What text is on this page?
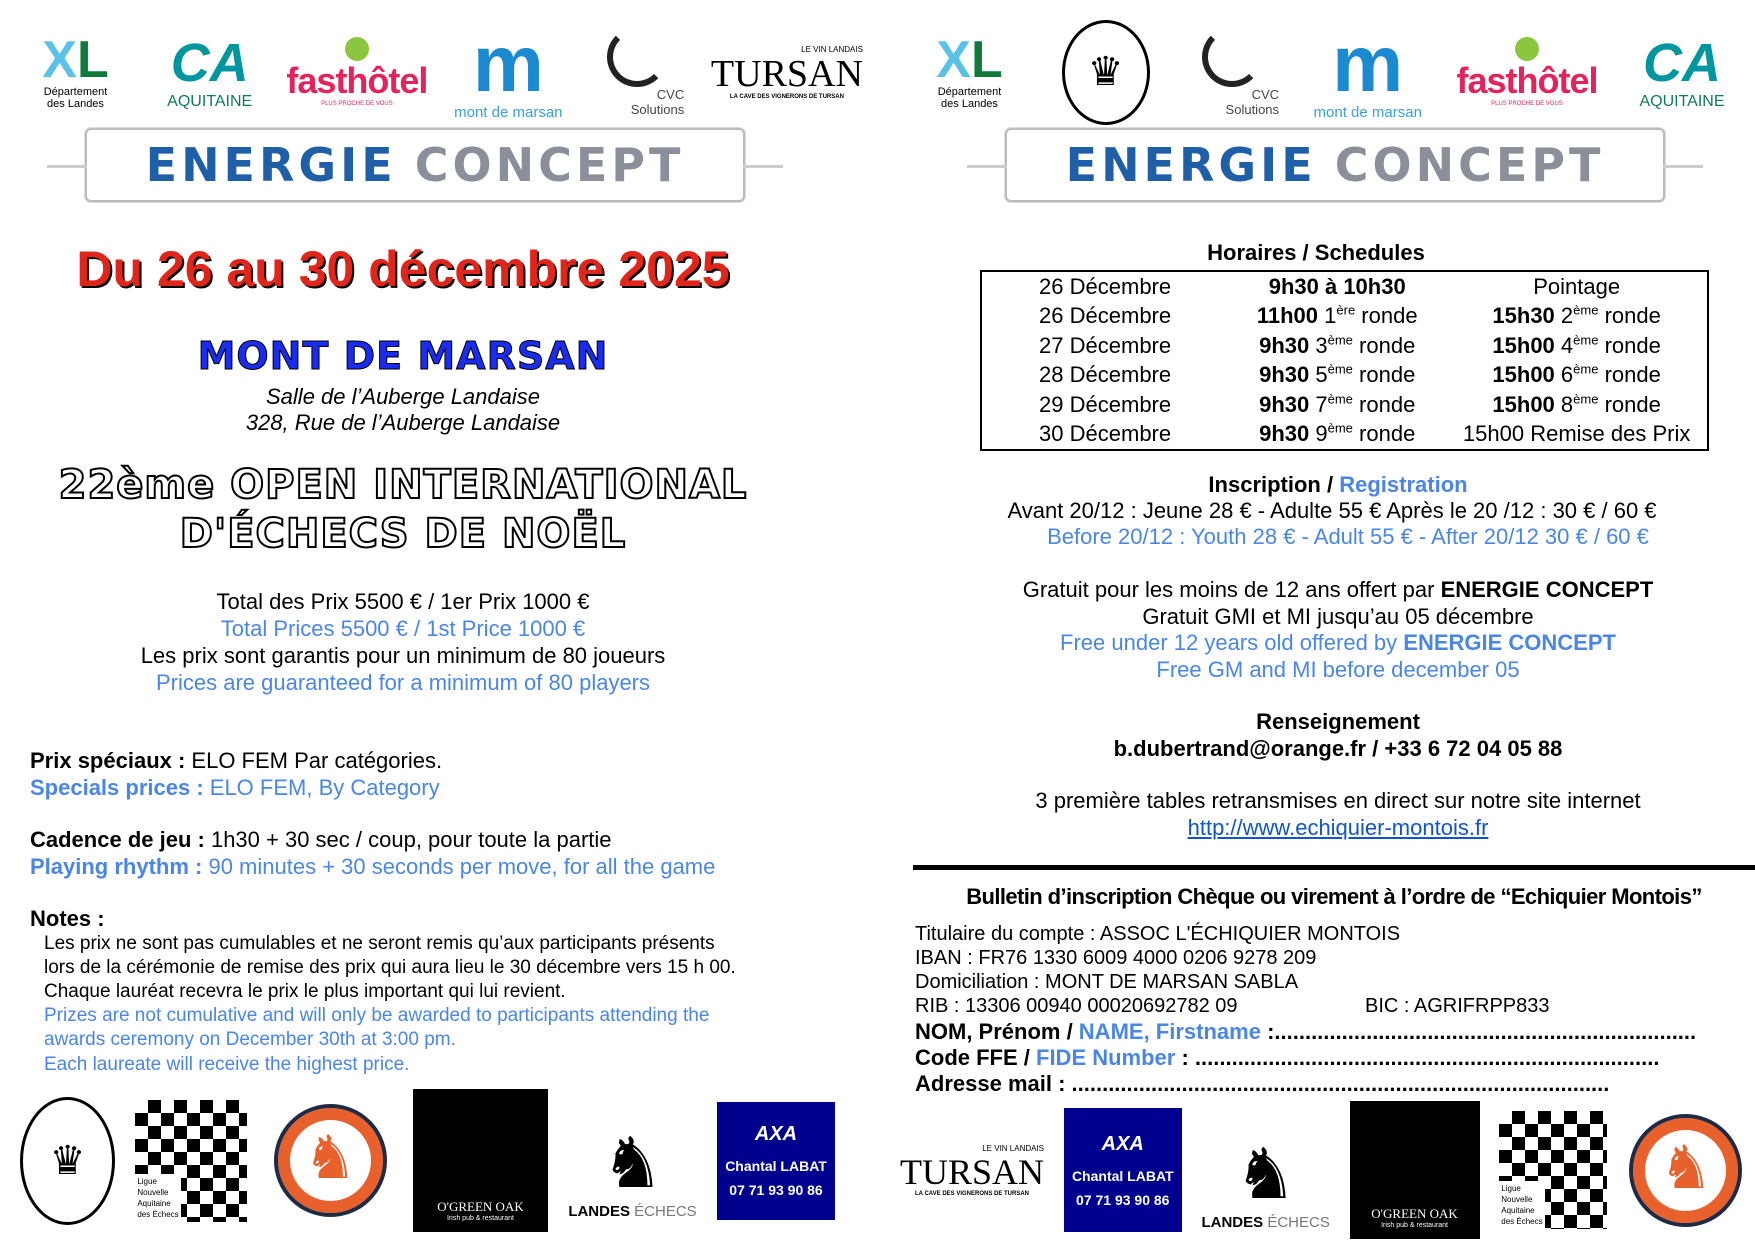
XL
Département
des Landes
CA
AQUITAINE
fasthôtel
PLUS PROCHE DE VOUS m
mont de marsan
CVC
Solutions
LE VIN LANDAIS
TURSAN
LA CAVE DES VIGNERONS DE TURSAN
ENERGIE CONCEPT
Du 26 au 30 décembre 2025
MONT DE MARSAN
Salle de l’Auberge Landaise
328, Rue de l’Auberge Landaise
22ème OPEN INTERNATIONAL
D'ÉCHECS DE NOËL
Total des Prix 5500 € / 1er Prix 1000 €
Total Prices 5500 € / 1st Price 1000 €
Les prix sont garantis pour un minimum de 80 joueurs
Prices are guaranteed for a minimum of 80 players
Prix spéciaux : ELO FEM Par catégories.
Specials prices : ELO FEM, By Category
Cadence de jeu : 1h30 + 30 sec / coup, pour toute la partie
Playing rhythm : 90 minutes + 30 seconds per move, for all the game
Notes :
Les prix ne sont pas cumulables et ne seront remis qu’aux participants présents
lors de la cérémonie de remise des prix qui aura lieu le 30 décembre vers 15 h 00.
Chaque lauréat recevra le prix le plus important qui lui revient.
Prizes are not cumulative and will only be awarded to participants attending the
awards ceremony on December 30th at 3:00 pm.
Each laureate will receive the highest price.
♛	Ligue
Nouvelle
Aquitaine
des Échecs
♞
O'GREEN OAK
Irish pub & restaurant
♞
LANDES ÉCHECS
AXA
Chantal LABAT
07 71 93 90 86
XL
Département
des Landes
♛
CVC
Solutions
m
mont de marsan
fasthôtel
PLUS PROCHE DE VOUS
CA
AQUITAINE
ENERGIE CONCEPT
Horaires / Schedules
26 Décembre	9h30 à 10h30	Pointage
26 Décembre	11h00 1ère ronde	15h30 2ème ronde
27 Décembre	9h30 3ème ronde	15h00 4ème ronde
28 Décembre	9h30 5ème ronde	15h00 6ème ronde
29 Décembre	9h30 7ème ronde	15h00 8ème ronde
30 Décembre	9h30 9ème ronde	15h00 Remise des Prix
Inscription / Registration
Avant 20/12 : Jeune 28 € - Adulte 55 € Après le 20 /12 : 30 € / 60 €
Before 20/12 : Youth 28 € - Adult 55 € - After 20/12 30 € / 60 €
Gratuit pour les moins de 12 ans offert par ENERGIE CONCEPT
Gratuit GMI et MI jusqu’au 05 décembre
Free under 12 years old offered by ENERGIE CONCEPT
Free GM and MI before december 05
Renseignement
b.dubertrand@orange.fr / +33 6 72 04 05 88
3 première tables retransmises en direct sur notre site internet
http://www.echiquier-montois.fr
Bulletin d’inscription Chèque ou virement à l’ordre de “Echiquier Montois”
Titulaire du compte : ASSOC L'ÉCHIQUIER MONTOIS
IBAN : FR76 1330 6009 4000 0206 9278 209
Domiciliation : MONT DE MARSAN SABLA
RIB : 13306 00940 00020692782 09	BIC : AGRIFRPP833
NOM, Prénom / NAME, Firstname :.....................................................................
Code FFE / FIDE Number : ............................................................................
Adresse mail : ........................................................................................
LE VIN LANDAIS
TURSAN
LA CAVE DES VIGNERONS DE TURSAN
AXA
Chantal LABAT
07 71 93 90 86 ♞
LANDES ÉCHECS
O'GREEN OAK
Irish pub & restaurant
Ligue
Nouvelle
Aquitaine
des Échecs
♞
